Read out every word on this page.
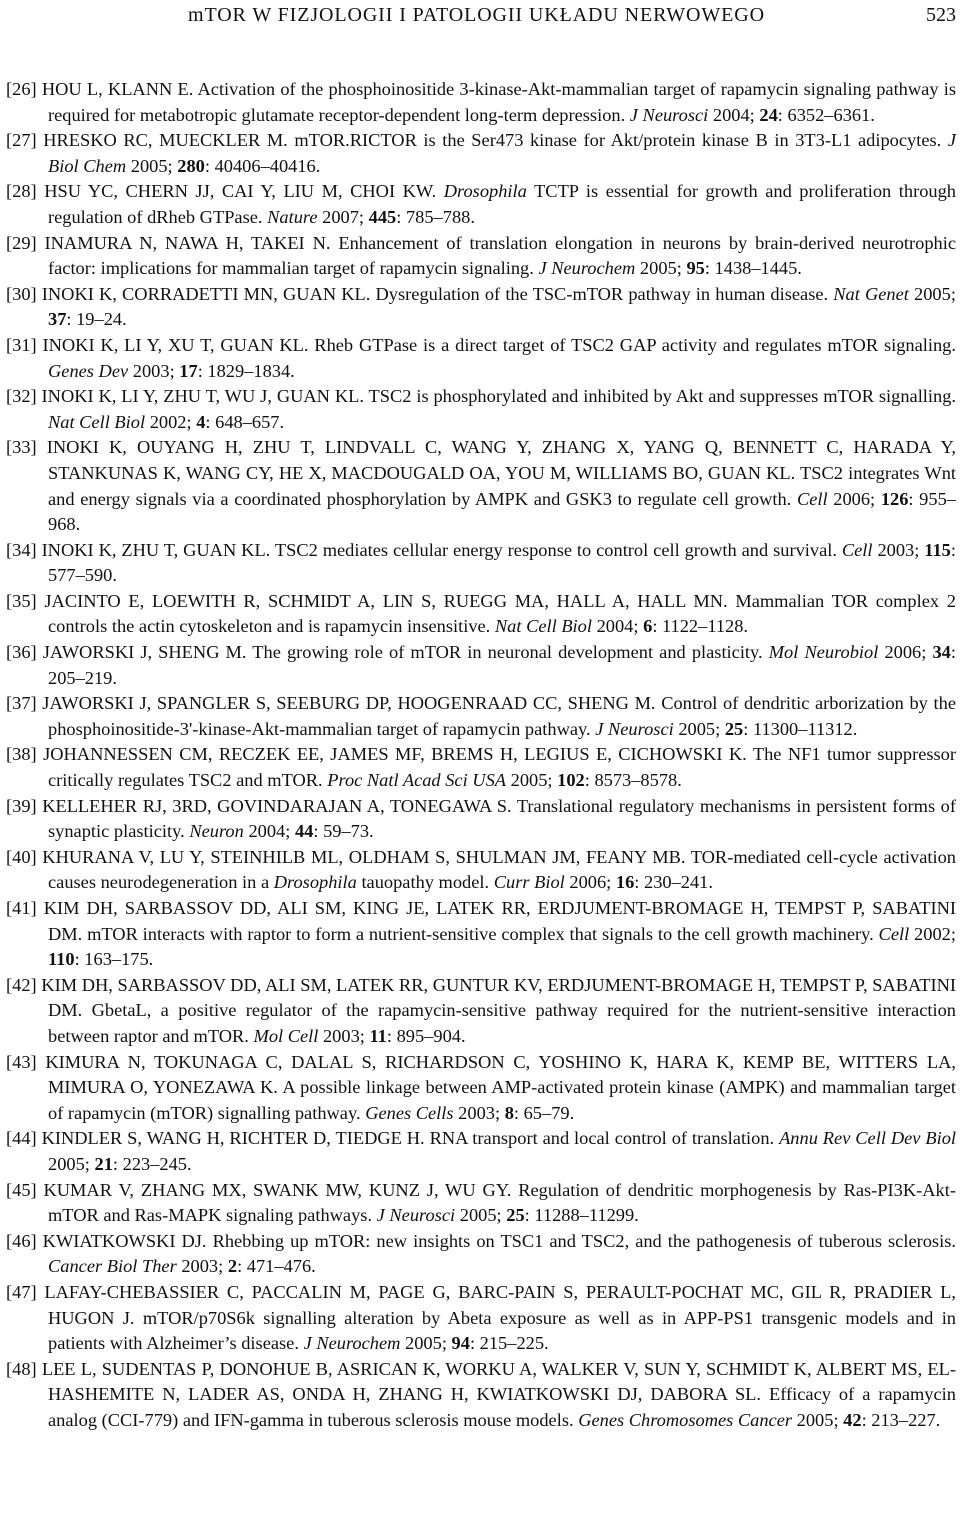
mTOR W FIZJOLOGII I PATOLOGII UKŁADU NERWOWEGO	523
[26] HOU L, KLANN E. Activation of the phosphoinositide 3-kinase-Akt-mammalian target of rapamycin signaling pathway is required for metabotropic glutamate receptor-dependent long-term depression. J Neurosci 2004; 24: 6352–6361.
[27] HRESKO RC, MUECKLER M. mTOR.RICTOR is the Ser473 kinase for Akt/protein kinase B in 3T3-L1 adipocytes. J Biol Chem 2005; 280: 40406–40416.
[28] HSU YC, CHERN JJ, CAI Y, LIU M, CHOI KW. Drosophila TCTP is essential for growth and proliferation through regulation of dRheb GTPase. Nature 2007; 445: 785–788.
[29] INAMURA N, NAWA H, TAKEI N. Enhancement of translation elongation in neurons by brain-derived neurotrophic factor: implications for mammalian target of rapamycin signaling. J Neurochem 2005; 95: 1438–1445.
[30] INOKI K, CORRADETTI MN, GUAN KL. Dysregulation of the TSC-mTOR pathway in human disease. Nat Genet 2005; 37: 19–24.
[31] INOKI K, LI Y, XU T, GUAN KL. Rheb GTPase is a direct target of TSC2 GAP activity and regulates mTOR signaling. Genes Dev 2003; 17: 1829–1834.
[32] INOKI K, LI Y, ZHU T, WU J, GUAN KL. TSC2 is phosphorylated and inhibited by Akt and suppresses mTOR signalling. Nat Cell Biol 2002; 4: 648–657.
[33] INOKI K, OUYANG H, ZHU T, LINDVALL C, WANG Y, ZHANG X, YANG Q, BENNETT C, HARADA Y, STANKUNAS K, WANG CY, HE X, MACDOUGALD OA, YOU M, WILLIAMS BO, GUAN KL. TSC2 integrates Wnt and energy signals via a coordinated phosphorylation by AMPK and GSK3 to regulate cell growth. Cell 2006; 126: 955–968.
[34] INOKI K, ZHU T, GUAN KL. TSC2 mediates cellular energy response to control cell growth and survival. Cell 2003; 115: 577–590.
[35] JACINTO E, LOEWITH R, SCHMIDT A, LIN S, RUEGG MA, HALL A, HALL MN. Mammalian TOR complex 2 controls the actin cytoskeleton and is rapamycin insensitive. Nat Cell Biol 2004; 6: 1122–1128.
[36] JAWORSKI J, SHENG M. The growing role of mTOR in neuronal development and plasticity. Mol Neurobiol 2006; 34: 205–219.
[37] JAWORSKI J, SPANGLER S, SEEBURG DP, HOOGENRAAD CC, SHENG M. Control of dendritic arborization by the phosphoinositide-3'-kinase-Akt-mammalian target of rapamycin pathway. J Neurosci 2005; 25: 11300–11312.
[38] JOHANNESSEN CM, RECZEK EE, JAMES MF, BREMS H, LEGIUS E, CICHOWSKI K. The NF1 tumor suppressor critically regulates TSC2 and mTOR. Proc Natl Acad Sci USA 2005; 102: 8573–8578.
[39] KELLEHER RJ, 3RD, GOVINDARAJAN A, TONEGAWA S. Translational regulatory mechanisms in persistent forms of synaptic plasticity. Neuron 2004; 44: 59–73.
[40] KHURANA V, LU Y, STEINHILB ML, OLDHAM S, SHULMAN JM, FEANY MB. TOR-mediated cell-cycle activation causes neurodegeneration in a Drosophila tauopathy model. Curr Biol 2006; 16: 230–241.
[41] KIM DH, SARBASSOV DD, ALI SM, KING JE, LATEK RR, ERDJUMENT-BROMAGE H, TEMPST P, SABATINI DM. mTOR interacts with raptor to form a nutrient-sensitive complex that signals to the cell growth machinery. Cell 2002; 110: 163–175.
[42] KIM DH, SARBASSOV DD, ALI SM, LATEK RR, GUNTUR KV, ERDJUMENT-BROMAGE H, TEMPST P, SABATINI DM. GbetaL, a positive regulator of the rapamycin-sensitive pathway required for the nutrient-sensitive interaction between raptor and mTOR. Mol Cell 2003; 11: 895–904.
[43] KIMURA N, TOKUNAGA C, DALAL S, RICHARDSON C, YOSHINO K, HARA K, KEMP BE, WITTERS LA, MIMURA O, YONEZAWA K. A possible linkage between AMP-activated protein kinase (AMPK) and mammalian target of rapamycin (mTOR) signalling pathway. Genes Cells 2003; 8: 65–79.
[44] KINDLER S, WANG H, RICHTER D, TIEDGE H. RNA transport and local control of translation. Annu Rev Cell Dev Biol 2005; 21: 223–245.
[45] KUMAR V, ZHANG MX, SWANK MW, KUNZ J, WU GY. Regulation of dendritic morphogenesis by Ras-PI3K-Akt-mTOR and Ras-MAPK signaling pathways. J Neurosci 2005; 25: 11288–11299.
[46] KWIATKOWSKI DJ. Rhebbing up mTOR: new insights on TSC1 and TSC2, and the pathogenesis of tuberous sclerosis. Cancer Biol Ther 2003; 2: 471–476.
[47] LAFAY-CHEBASSIER C, PACCALIN M, PAGE G, BARC-PAIN S, PERAULT-POCHAT MC, GIL R, PRADIER L, HUGON J. mTOR/p70S6k signalling alteration by Abeta exposure as well as in APP-PS1 transgenic models and in patients with Alzheimer’s disease. J Neurochem 2005; 94: 215–225.
[48] LEE L, SUDENTAS P, DONOHUE B, ASRICAN K, WORKU A, WALKER V, SUN Y, SCHMIDT K, ALBERT MS, EL-HASHEMITE N, LADER AS, ONDA H, ZHANG H, KWIATKOWSKI DJ, DABORA SL. Efficacy of a rapamycin analog (CCI-779) and IFN-gamma in tuberous sclerosis mouse models. Genes Chromosomes Cancer 2005; 42: 213–227.
